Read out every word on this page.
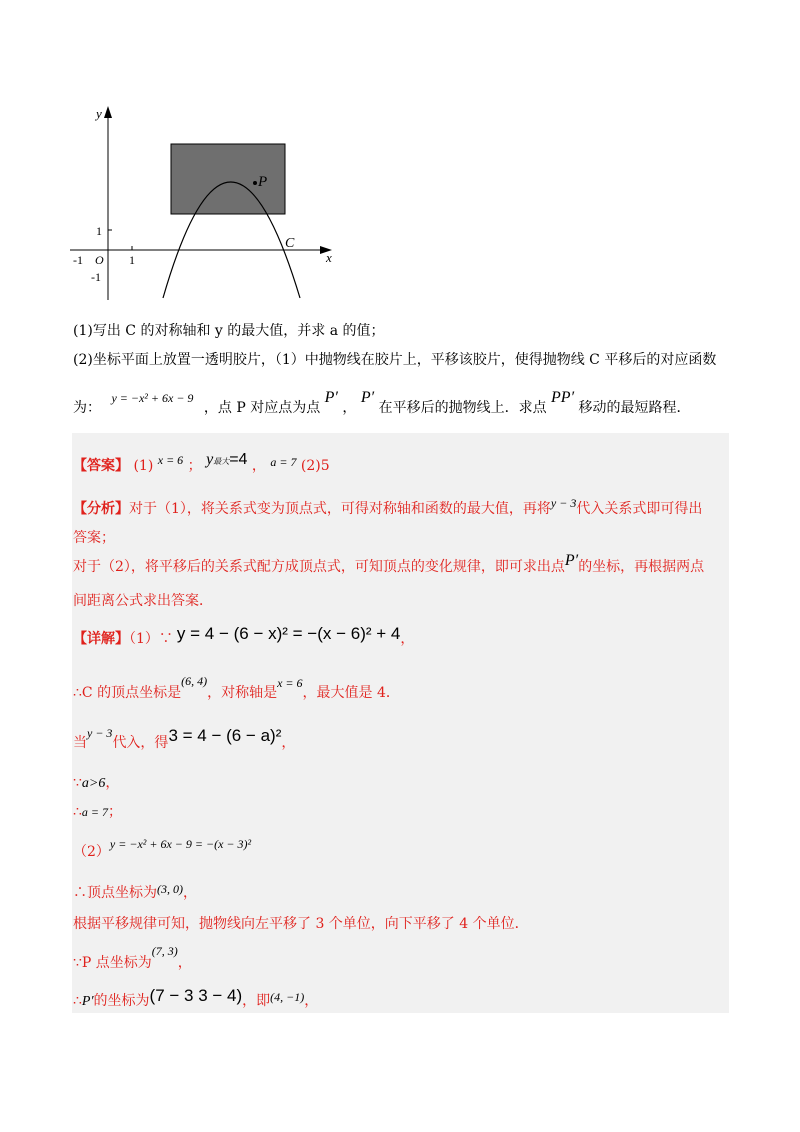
y
x
O
-1	1
1
-1
P
C
(1)写出 C 的对称轴和 y 的最大值，并求 a 的值；
(2)坐标平面上放置一透明胶片，（1）中抛物线在胶片上，平移该胶片，使得抛物线 C 平移后的对应函数
为： y = −x² + 6x − 9 ，点 P 对应点为点 P′ ， P′ 在平移后的抛物线上．求点 PP′ 移动的最短路程．
【答案】 (1) x = 6 ； y最大=4 ， a = 7 (2)5
【分析】对于（1），将关系式变为顶点式，可得对称轴和函数的最大值，再将y − 3代入关系式即可得出
答案；
对于（2），将平移后的关系式配方成顶点式，可知顶点的变化规律，即可求出点P′的坐标，再根据两点
间距离公式求出答案．
【详解】（1）∵ y = 4 − (6 − x)² = −(x − 6)² + 4，
∴C 的顶点坐标是(6, 4)，对称轴是x = 6，最大值是 4．
当y − 3代入，得3 = 4 − (6 − a)²，
∵a>6，
∴a = 7；
（2）y = −x² + 6x − 9 = −(x − 3)²
∴顶点坐标为(3, 0)，
根据平移规律可知，抛物线向左平移了 3 个单位，向下平移了 4 个单位．
∵P 点坐标为(7, 3)，
∴P′的坐标为(7 − 3 3 − 4)，即(4, −1)，
